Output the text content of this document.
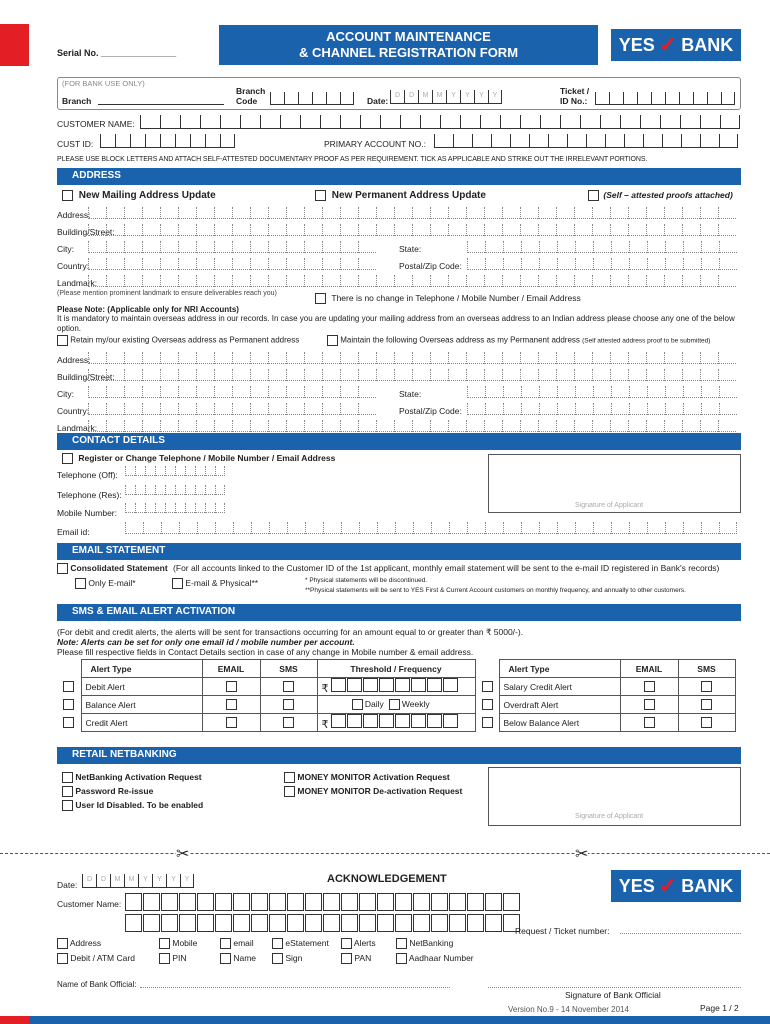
Serial No. _______________
ACCOUNT MAINTENANCE
& CHANNEL REGISTRATION FORM	YES ✓ BANK
(FOR BANK USE ONLY)
Branch
Branch
Code	Date:
D	D	M	M	Y	Y	Y	Y	Ticket /
ID No.:
CUSTOMER NAME:
CUST ID:	PRIMARY ACCOUNT NO.:
PLEASE USE BLOCK LETTERS AND ATTACH SELF-ATTESTED DOCUMENTARY PROOF AS PER REQUIREMENT. TICK AS APPLICABLE AND STRIKE OUT THE IRRELEVANT PORTIONS.
ADDRESS
New Mailing Address Update	New Permanent Address Update	(Self – attested proofs attached)
Address:
Building/Street:
City:	State:
Country:	Postal/Zip Code:
Landmark:
(Please mention prominent landmark to ensure deliverables reach you)	There is no change in Telephone / Mobile Number / Email Address
Please Note: (Applicable only for NRI Accounts)
It is mandatory to maintain overseas address in our records. In case you are updating your mailing address from an overseas address to an Indian address please choose any one of the below option.
Retain my/our existing Overseas address as Permanent address	Maintain the following Overseas address as my Permanent address (Self attested address proof to be submitted)
Address:
Building/Street:
City:	State:
Country:	Postal/Zip Code:
Landmark:
CONTACT DETAILS
Register or Change Telephone / Mobile Number / Email Address
Telephone (Off):
Telephone (Res):
Mobile Number:
Email id:
Signature of Applicant
EMAIL STATEMENT
Consolidated Statement (For all accounts linked to the Customer ID of the 1st applicant, monthly email statement will be sent to the e-mail ID registered in Bank's records)
Only E-mail*	E-mail & Physical**	* Physical statements will be discontinued.
**Physical statements will be sent to YES First & Current Account customers on monthly frequency, and annually to other customers.
SMS & EMAIL ALERT ACTIVATION
(For debit and credit alerts, the alerts will be sent for transactions occurring for an amount equal to or greater than ₹ 5000/-).
Note: Alerts can be set for only one email id / mobile number per account.
Please fill respective fields in Contact Details section in case of any change in Mobile number & email address.
	Alert Type	EMAIL	SMS	Threshold / Frequency		Alert Type	EMAIL	SMS
	Debit Alert			₹		Salary Credit Alert		
	Balance Alert			Daily Weekly		Overdraft Alert		
	Credit Alert			₹		Below Balance Alert		
RETAIL NETBANKING
NetBanking Activation Request
Password Re-issue
User Id Disabled. To be enabled
MONEY MONITOR Activation Request
MONEY MONITOR De-activation Request
Signature of Applicant
✂	✂
ACKNOWLEDGEMENT	YES ✓ BANK
Date:
D	D	M	M	Y	Y	Y	Y
Customer Name:
Request / Ticket number:
Address	Mobile	email	eStatement	Alerts	NetBanking
Debit / ATM Card	PIN	Name	Sign	PAN	Aadhaar Number
Name of Bank Official:
Signature of Bank Official
Version No.9 - 14 November 2014	Page 1 / 2
